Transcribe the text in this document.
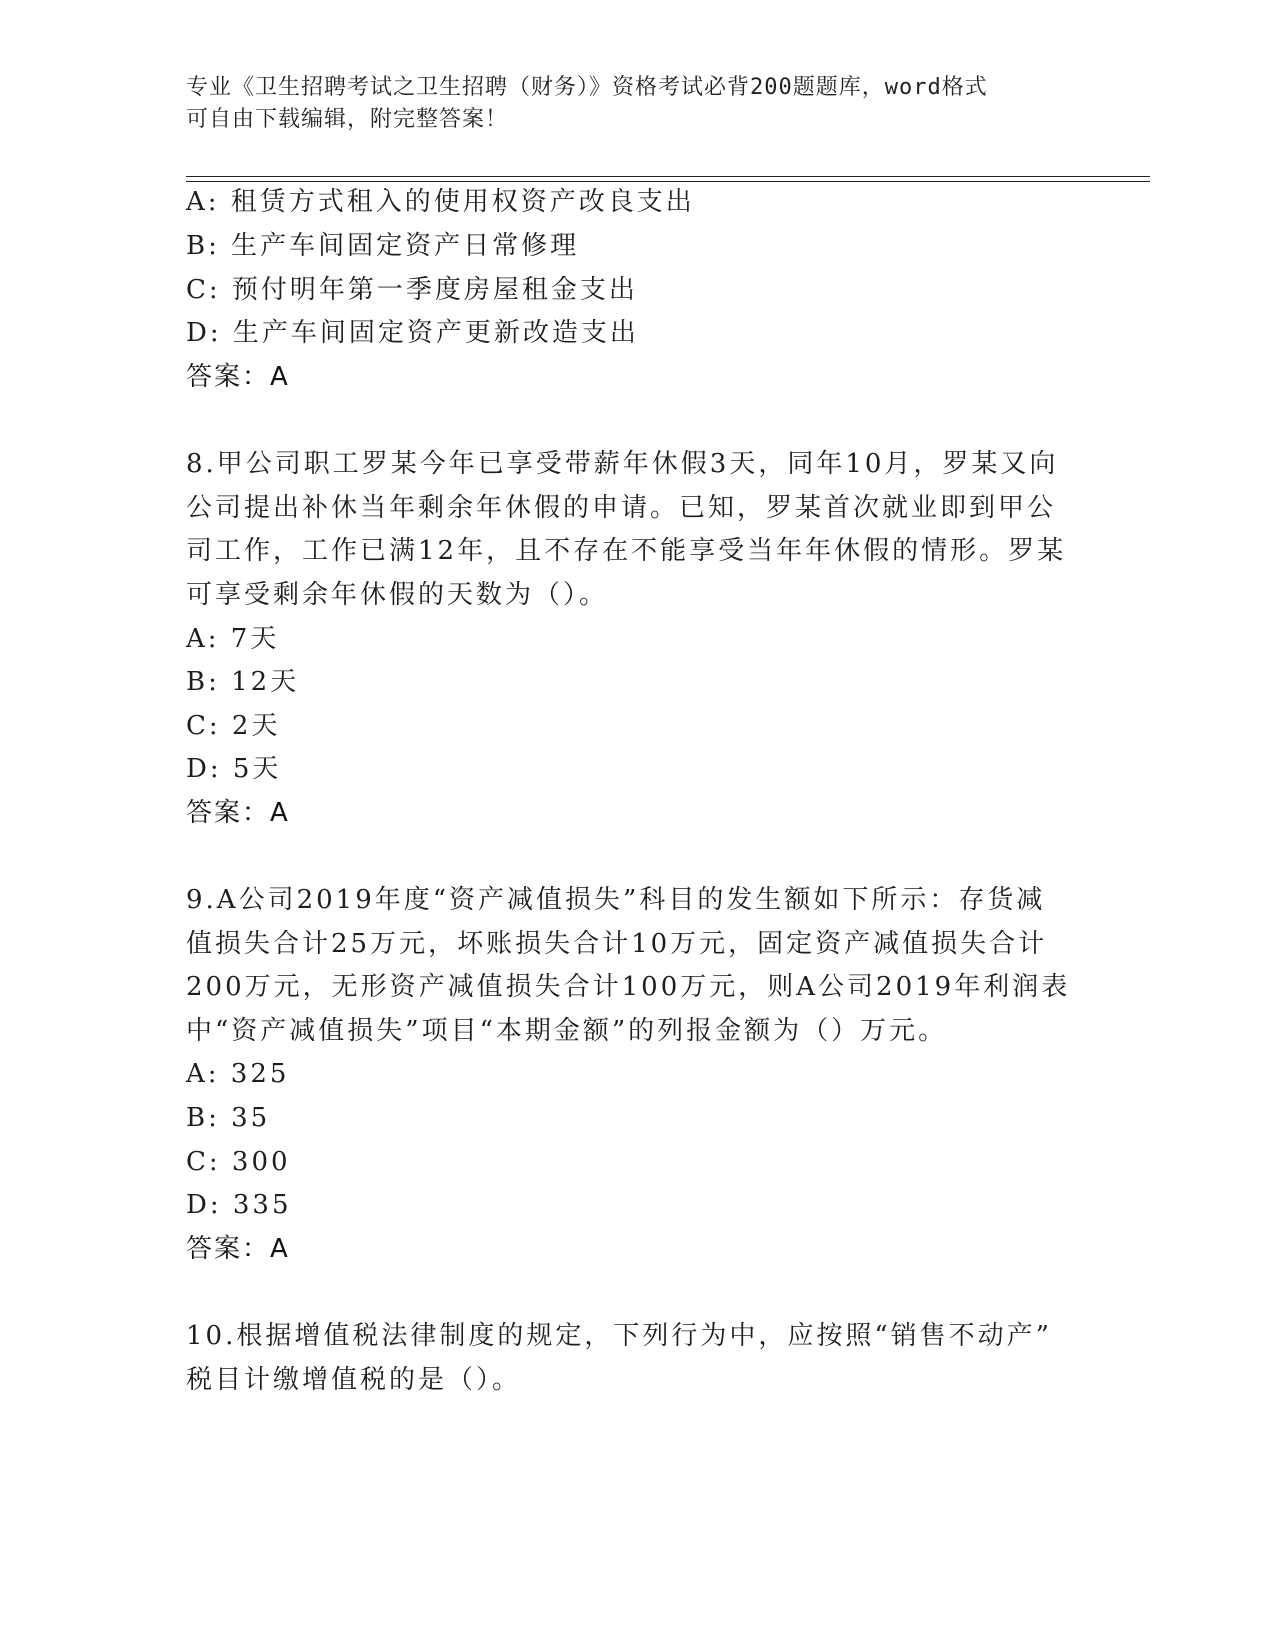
专业《卫生招聘考试之卫生招聘（财务）》资格考试必背200题题库，word格式
可自由下载编辑，附完整答案！
A: 租赁方式租入的使用权资产改良支出
B: 生产车间固定资产日常修理
C: 预付明年第一季度房屋租金支出
D: 生产车间固定资产更新改造支出
答案：A
8.甲公司职工罗某今年已享受带薪年休假3天，同年10月，罗某又向
公司提出补休当年剩余年休假的申请。已知，罗某首次就业即到甲公
司工作，工作已满12年，且不存在不能享受当年年休假的情形。罗某
可享受剩余年休假的天数为（）。
A: 7天
B: 12天
C: 2天
D: 5天
答案：A
9.A公司2019年度“资产减值损失”科目的发生额如下所示：存货减
值损失合计25万元，坏账损失合计10万元，固定资产减值损失合计
200万元，无形资产减值损失合计100万元，则A公司2019年利润表
中“资产减值损失”项目“本期金额”的列报金额为（）万元。
A: 325
B: 35
C: 300
D: 335
答案：A
10.根据增值税法律制度的规定，下列行为中，应按照“销售不动产”
税目计缴增值税的是（）。
